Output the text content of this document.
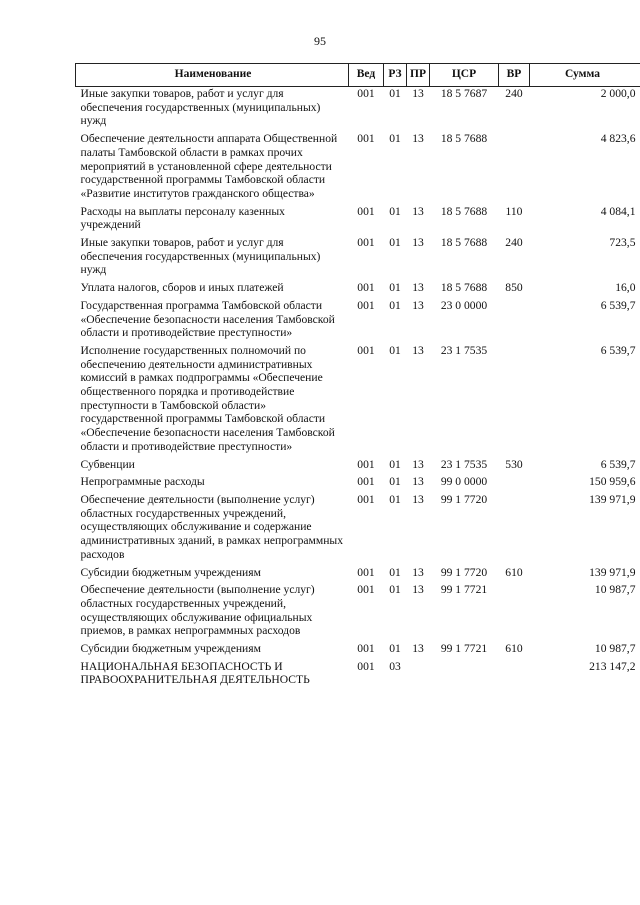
95
Наименование	Вед	РЗ	ПР	ЦСР	ВР	Сумма
Иные закупки товаров, работ и услуг для обеспечения государственных (муниципальных) нужд	001	01	13	18 5 7687	240	2 000,0
Обеспечение деятельности аппарата Общественной палаты Тамбовской области в рамках прочих мероприятий в установленной сфере деятельности государственной программы Тамбовской области «Развитие институтов гражданского общества»	001	01	13	18 5 7688		4 823,6
Расходы на выплаты персоналу казенных учреждений	001	01	13	18 5 7688	110	4 084,1
Иные закупки товаров, работ и услуг для обеспечения государственных (муниципальных) нужд	001	01	13	18 5 7688	240	723,5
Уплата налогов, сборов и иных платежей	001	01	13	18 5 7688	850	16,0
Государственная программа Тамбовской области «Обеспечение безопасности населения Тамбовской области и противодействие преступности»	001	01	13	23 0 0000		6 539,7
Исполнение государственных полномочий по обеспечению деятельности административных комиссий в рамках подпрограммы «Обеспечение общественного порядка и противодействие преступности в Тамбовской области» государственной программы Тамбовской области «Обеспечение безопасности населения Тамбовской области и противодействие преступности»	001	01	13	23 1 7535		6 539,7
Субвенции	001	01	13	23 1 7535	530	6 539,7
Непрограммные расходы	001	01	13	99 0 0000		150 959,6
Обеспечение деятельности (выполнение услуг) областных государственных учреждений, осуществляющих обслуживание и содержание административных зданий, в рамках непрограммных расходов	001	01	13	99 1 7720		139 971,9
Субсидии бюджетным учреждениям	001	01	13	99 1 7720	610	139 971,9
Обеспечение деятельности (выполнение услуг) областных государственных учреждений, осуществляющих обслуживание официальных приемов, в рамках непрограммных расходов	001	01	13	99 1 7721		10 987,7
Субсидии бюджетным учреждениям	001	01	13	99 1 7721	610	10 987,7
НАЦИОНАЛЬНАЯ БЕЗОПАСНОСТЬ И ПРАВООХРАНИТЕЛЬНАЯ ДЕЯТЕЛЬНОСТЬ	001	03				213 147,2
